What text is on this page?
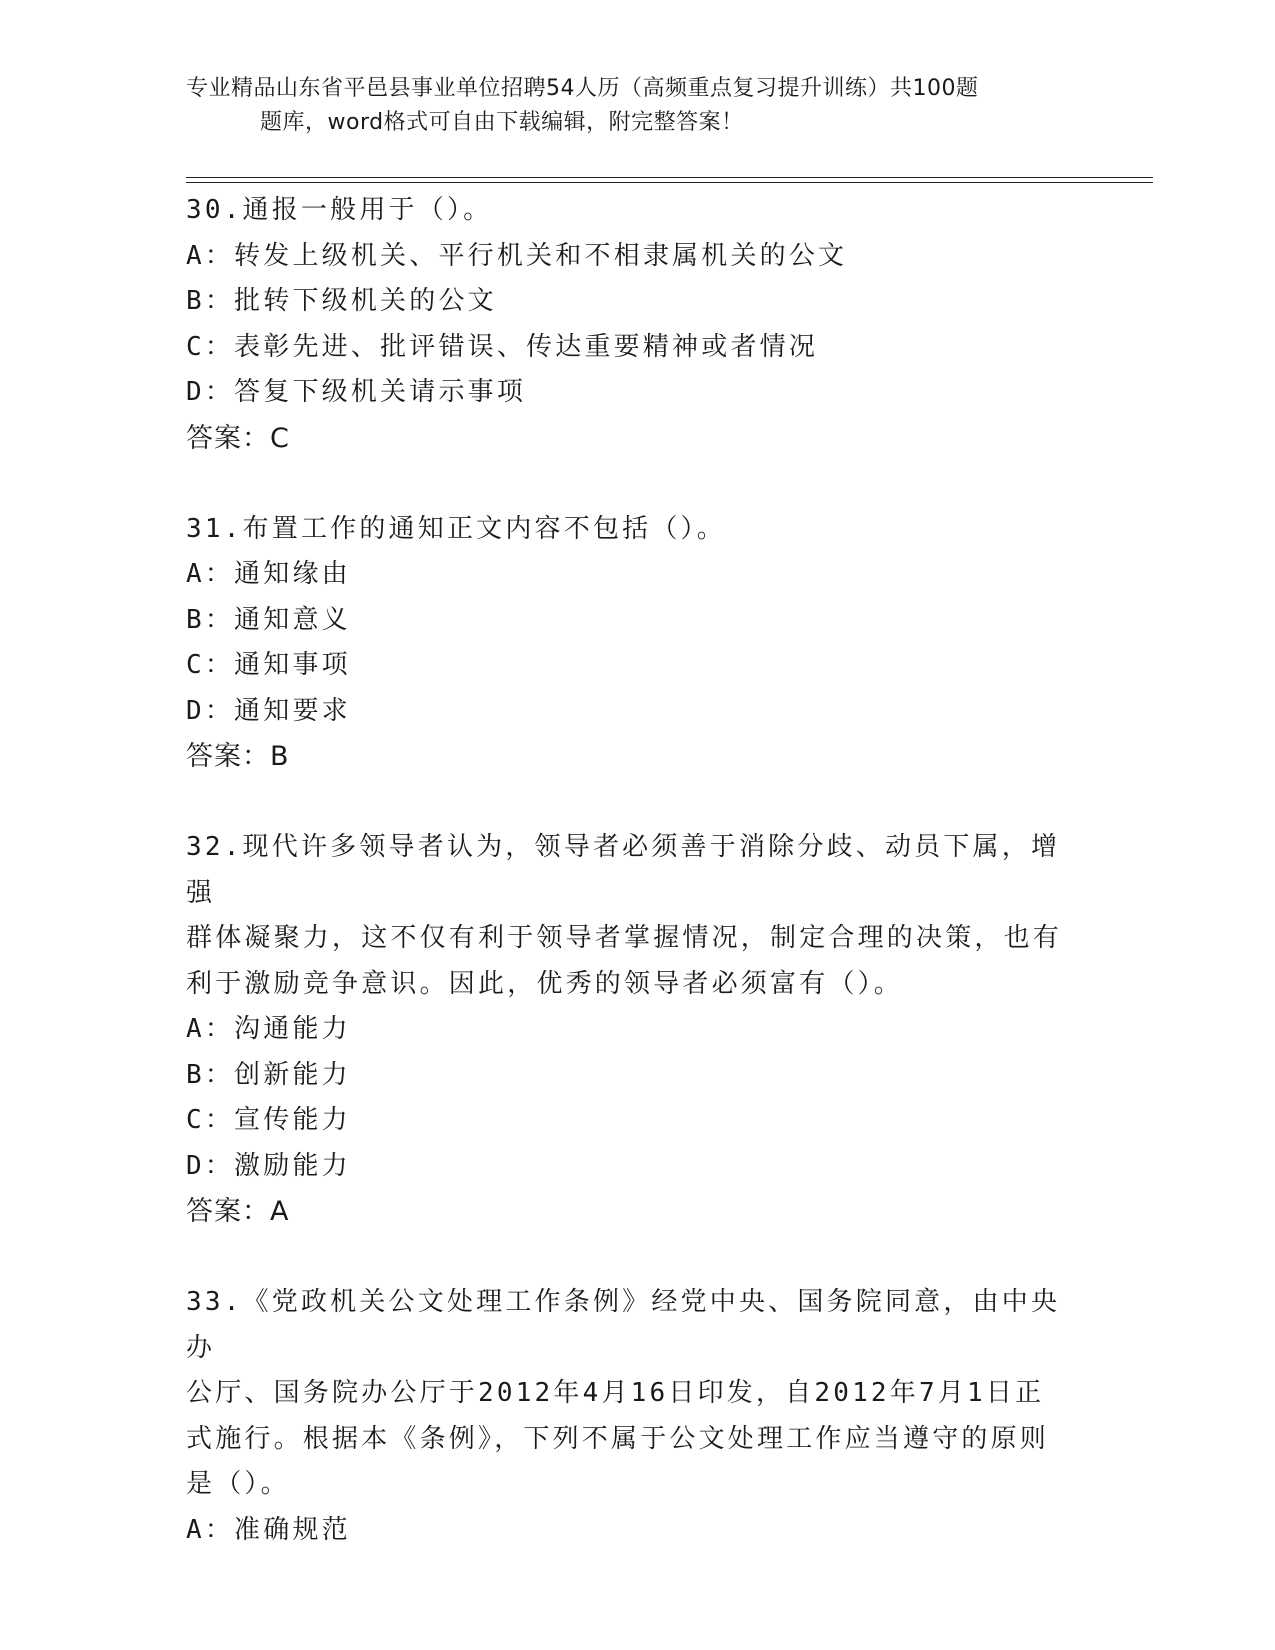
专业精品山东省平邑县事业单位招聘54人历（高频重点复习提升训练）共100题
题库，word格式可自由下载编辑，附完整答案！
30.通报一般用于（）。
A：转发上级机关、平行机关和不相隶属机关的公文
B：批转下级机关的公文
C：表彰先进、批评错误、传达重要精神或者情况
D：答复下级机关请示事项
答案：C
31.布置工作的通知正文内容不包括（）。
A：通知缘由
B：通知意义
C：通知事项
D：通知要求
答案：B
32.现代许多领导者认为，领导者必须善于消除分歧、动员下属，增强
群体凝聚力，这不仅有利于领导者掌握情况，制定合理的决策，也有
利于激励竞争意识。因此，优秀的领导者必须富有（）。
A：沟通能力
B：创新能力
C：宣传能力
D：激励能力
答案：A
33.《党政机关公文处理工作条例》经党中央、国务院同意，由中央办
公厅、国务院办公厅于2012年4月16日印发，自2012年7月1日正
式施行。根据本《条例》，下列不属于公文处理工作应当遵守的原则
是（）。
A：准确规范
